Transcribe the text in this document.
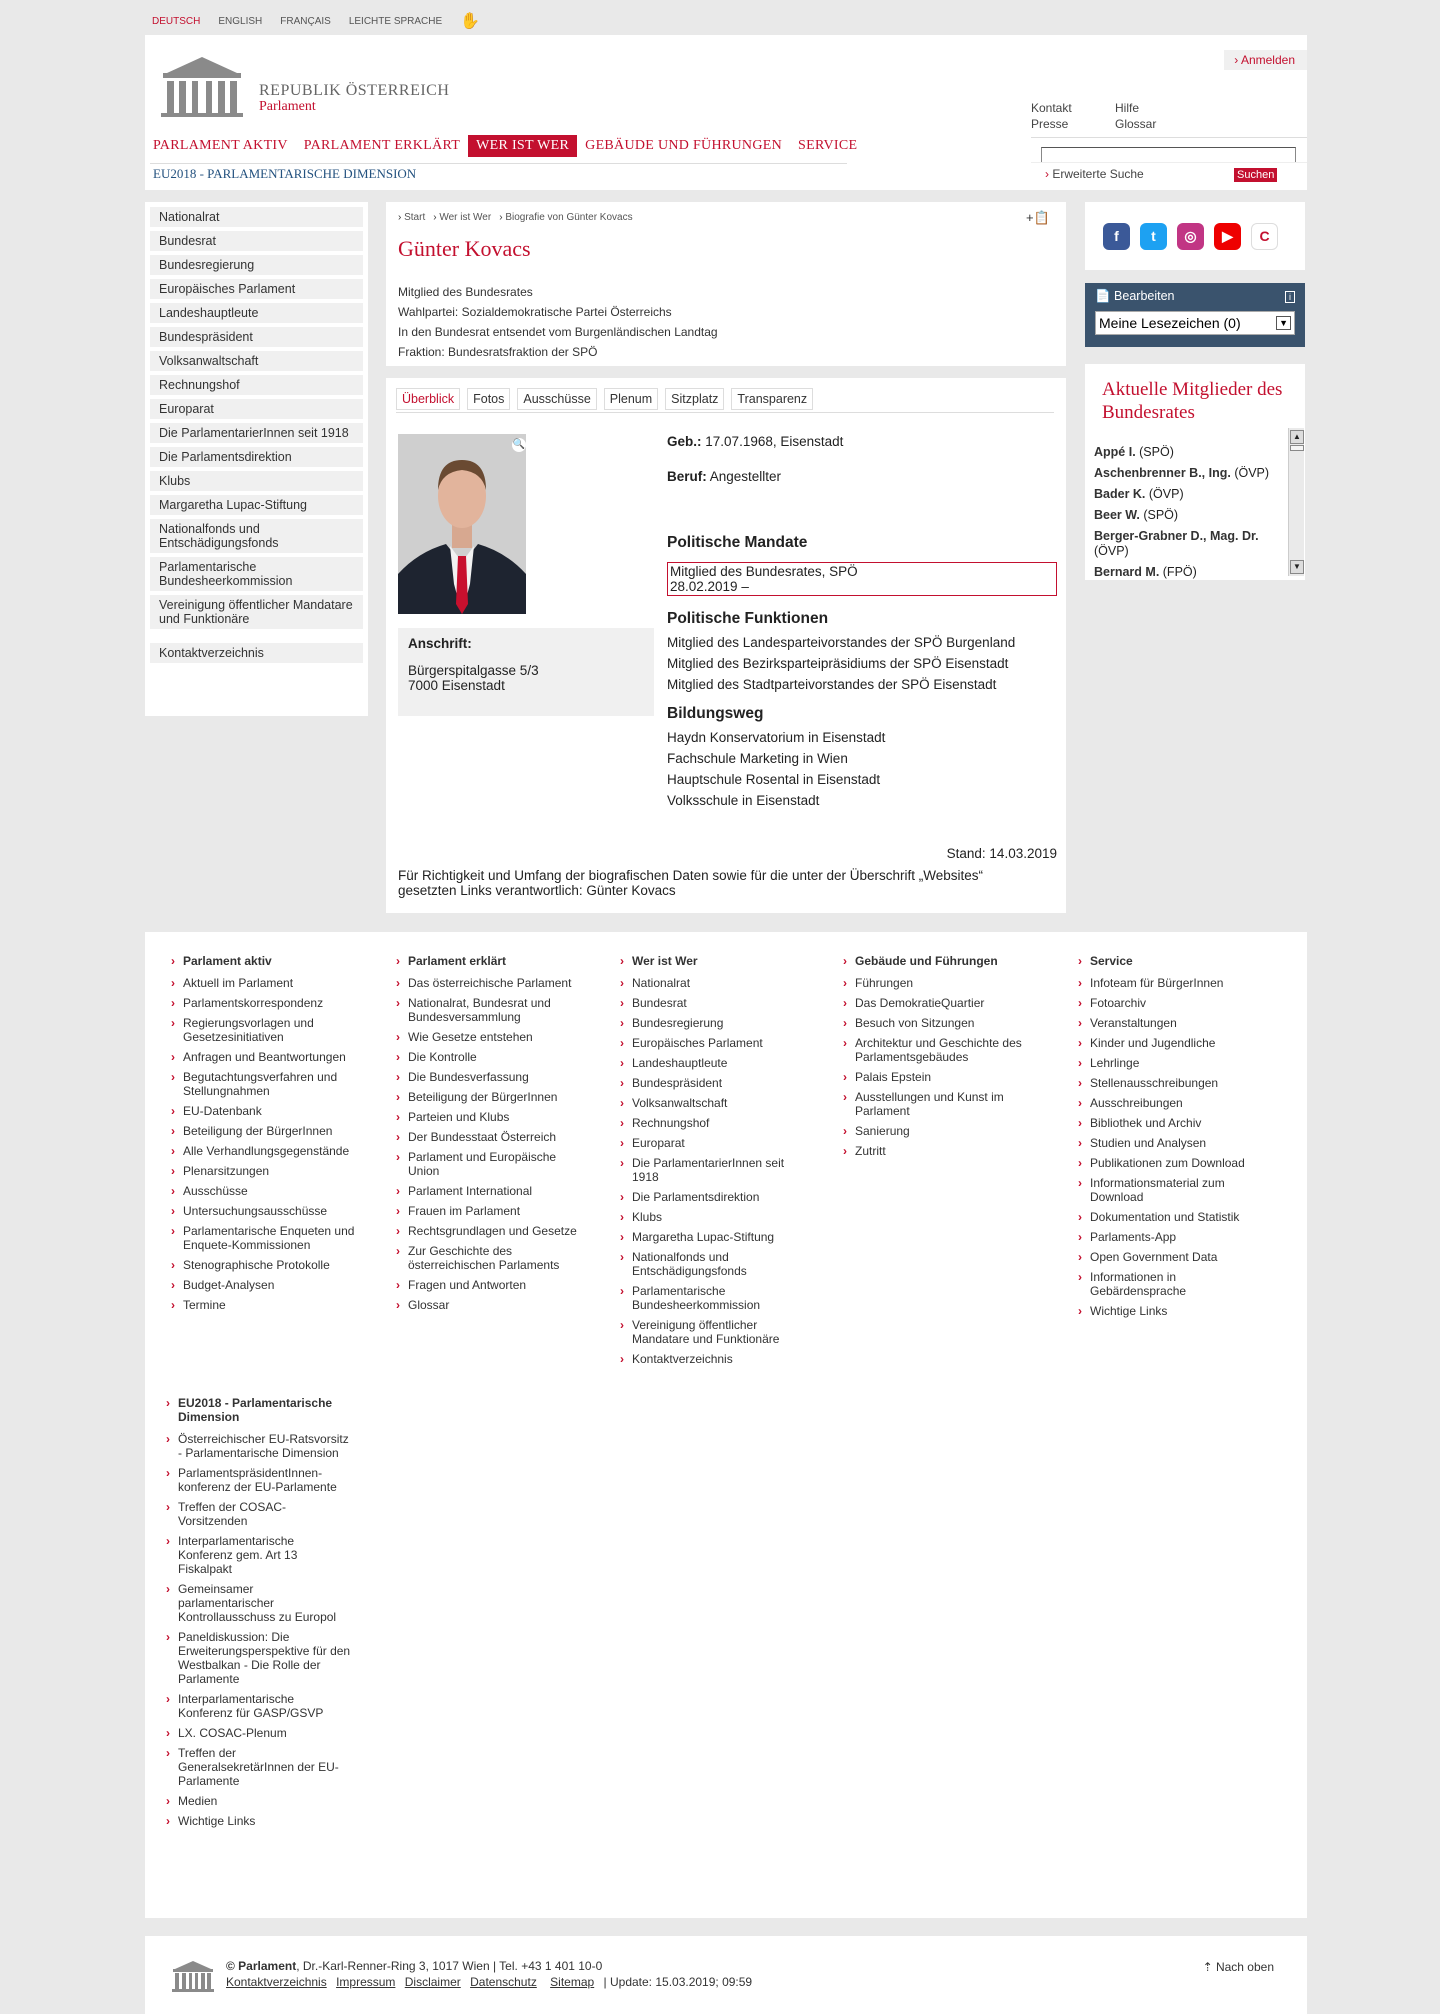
DEUTSCH ENGLISH FRANÇAIS LEICHTE SPRACHE ✋
REPUBLIK ÖSTERREICH
Parlament
› Anmelden
Kontakt	Hilfe
Presse	Glossar
› Erweiterte Suche	Suchen
PARLAMENT AKTIV	PARLAMENT ERKLÄRT	WER IST WER	GEBÄUDE UND FÜHRUNGEN	SERVICE
EU2018 - PARLAMENTARISCHE DIMENSION
Nationalrat
Bundesrat
Bundesregierung
Europäisches Parlament
Landeshauptleute
Bundespräsident
Volksanwaltschaft
Rechnungshof
Europarat
Die ParlamentarierInnen seit 1918
Die Parlamentsdirektion
Klubs
Margaretha Lupac-Stiftung
Nationalfonds und Entschädigungsfonds
Parlamentarische Bundesheerkommission
Vereinigung öffentlicher Mandatare und Funktionäre
Kontaktverzeichnis
› Start	› Wer ist Wer	› Biografie von Günter Kovacs	+📋
Günter Kovacs
Mitglied des Bundesrates
Wahlpartei: Sozialdemokratische Partei Österreichs
In den Bundesrat entsendet vom Burgenländischen Landtag
Fraktion: Bundesratsfraktion der SPÖ
Überblick	Fotos	Ausschüsse	Plenum	Sitzplatz	Transparenz
🔍
Anschrift:
Bürgerspitalgasse 5/3
7000 Eisenstadt
Geb.: 17.07.1968, Eisenstadt
Beruf: Angestellter
Politische Mandate
Mitglied des Bundesrates, SPÖ
28.02.2019 –
Politische Funktionen
Mitglied des Landesparteivorstandes der SPÖ Burgenland
Mitglied des Bezirksparteipräsidiums der SPÖ Eisenstadt
Mitglied des Stadtparteivorstandes der SPÖ Eisenstadt
Bildungsweg
Haydn Konservatorium in Eisenstadt
Fachschule Marketing in Wien
Hauptschule Rosental in Eisenstadt
Volksschule in Eisenstadt
Stand: 14.03.2019
Für Richtigkeit und Umfang der biografischen Daten sowie für die unter der Überschrift „Websites“ gesetzten Links verantwortlich: Günter Kovacs
f	t	◎	▶	C
📄 Bearbeiten	i
Meine Lesezeichen (0)	▼
Aktuelle Mitglieder des Bundesrates
Appé I. (SPÖ)
Aschenbrenner B., Ing. (ÖVP)
Bader K. (ÖVP)
Beer W. (SPÖ)
Berger-Grabner D., Mag. Dr. (ÖVP)
Bernard M. (FPÖ)
▲
▼
› Parlament aktiv
› Aktuell im Parlament
› Parlamentskorrespondenz
› Regierungsvorlagen und Gesetzesinitiativen
› Anfragen und Beantwortungen
› Begutachtungsverfahren und Stellungnahmen
› EU-Datenbank
› Beteiligung der BürgerInnen
› Alle Verhandlungsgegenstände
› Plenarsitzungen
› Ausschüsse
› Untersuchungsausschüsse
› Parlamentarische Enqueten und Enquete-Kommissionen
› Stenographische Protokolle
› Budget-Analysen
› Termine
› Parlament erklärt
› Das österreichische Parlament
› Nationalrat, Bundesrat und Bundesversammlung
› Wie Gesetze entstehen
› Die Kontrolle
› Die Bundesverfassung
› Beteiligung der BürgerInnen
› Parteien und Klubs
› Der Bundesstaat Österreich
› Parlament und Europäische Union
› Parlament International
› Frauen im Parlament
› Rechtsgrundlagen und Gesetze
› Zur Geschichte des österreichischen Parlaments
› Fragen und Antworten
› Glossar
› Wer ist Wer
› Nationalrat
› Bundesrat
› Bundesregierung
› Europäisches Parlament
› Landeshauptleute
› Bundespräsident
› Volksanwaltschaft
› Rechnungshof
› Europarat
› Die ParlamentarierInnen seit 1918
› Die Parlamentsdirektion
› Klubs
› Margaretha Lupac-Stiftung
› Nationalfonds und Entschädigungsfonds
› Parlamentarische Bundesheerkommission
› Vereinigung öffentlicher Mandatare und Funktionäre
› Kontaktverzeichnis
› Gebäude und Führungen
› Führungen
› Das DemokratieQuartier
› Besuch von Sitzungen
› Architektur und Geschichte des Parlamentsgebäudes
› Palais Epstein
› Ausstellungen und Kunst im Parlament
› Sanierung
› Zutritt
› Service
› Infoteam für BürgerInnen
› Fotoarchiv
› Veranstaltungen
› Kinder und Jugendliche
› Lehrlinge
› Stellenausschreibungen
› Ausschreibungen
› Bibliothek und Archiv
› Studien und Analysen
› Publikationen zum Download
› Informationsmaterial zum Download
› Dokumentation und Statistik
› Parlaments-App
› Open Government Data
› Informationen in Gebärdensprache
› Wichtige Links
› EU2018 - Parlamentarische Dimension
› Österreichischer EU-Ratsvorsitz - Parlamentarische Dimension
› ParlamentspräsidentInnen-konferenz der EU-Parlamente
› Treffen der COSAC-Vorsitzenden
› Interparlamentarische Konferenz gem. Art 13 Fiskalpakt
› Gemeinsamer parlamentarischer Kontrollausschuss zu Europol
› Paneldiskussion: Die Erweiterungsperspektive für den Westbalkan - Die Rolle der Parlamente
› Interparlamentarische Konferenz für GASP/GSVP
› LX. COSAC-Plenum
› Treffen der GeneralsekretärInnen der EU-Parlamente
› Medien
› Wichtige Links
© Parlament, Dr.-Karl-Renner-Ring 3, 1017 Wien | Tel. +43 1 401 10-0
Kontaktverzeichnis Impressum Disclaimer Datenschutz Sitemap | Update: 15.03.2019; 09:59
⇡ Nach oben
